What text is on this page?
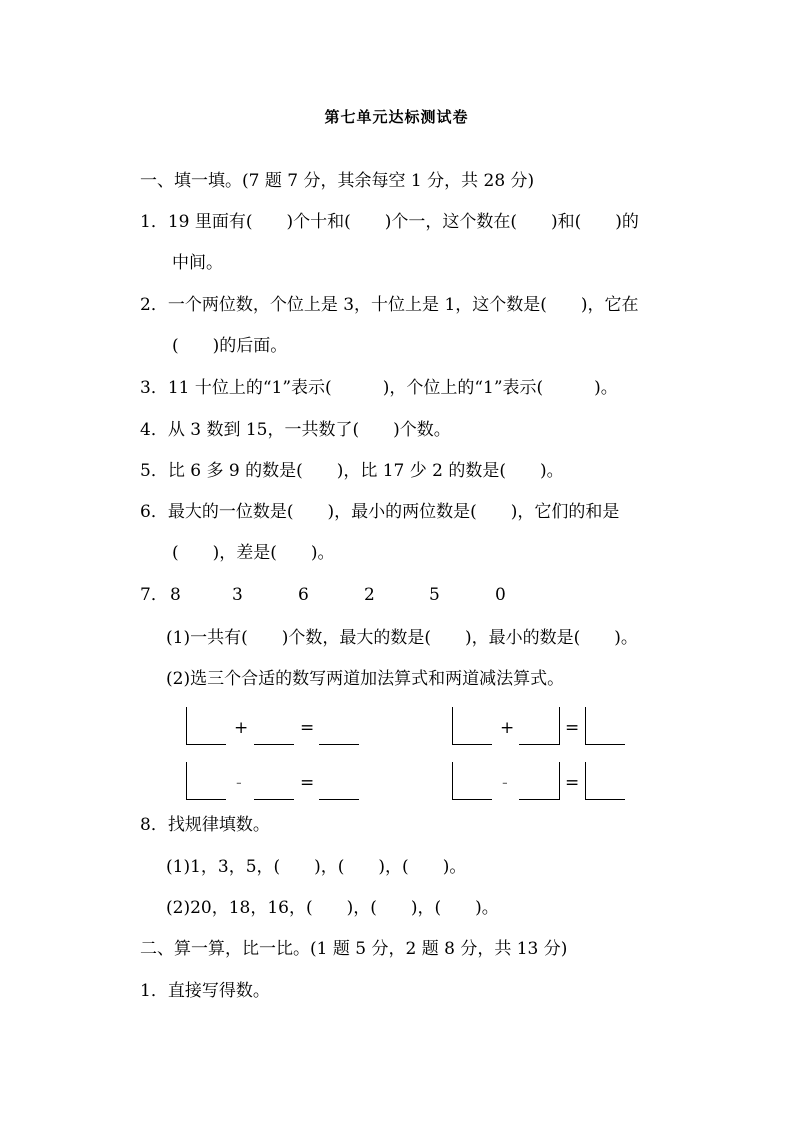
第七单元达标测试卷
一、填一填。(7 题 7 分，其余每空 1 分，共 28 分)
1．19 里面有(　　)个十和(　　)个一，这个数在(　　)和(　　)的
中间。
2．一个两位数，个位上是 3，十位上是 1，这个数是(　　)，它在
(　　)的后面。
3．11 十位上的“1”表示(　　　)，个位上的“1”表示(　　　)。
4．从 3 数到 15，一共数了(　　)个数。
5．比 6 多 9 的数是(　　)，比 17 少 2 的数是(　　)。
6．最大的一位数是(　　)，最小的两位数是(　　)，它们的和是
(　　)，差是(　　)。
7． 8	3	6	2	5	0
(1)一共有(　　)个数，最大的数是(　　)，最小的数是(　　)。
(2)选三个合适的数写两道加法算式和两道减法算式。
+	=	+	=
-	=	-	=
8．找规律填数。
(1)1，3，5，(　　)，(　　)，(　　)。
(2)20，18，16，(　　)，(　　)，(　　)。
二、算一算，比一比。(1 题 5 分，2 题 8 分，共 13 分)
1．直接写得数。
